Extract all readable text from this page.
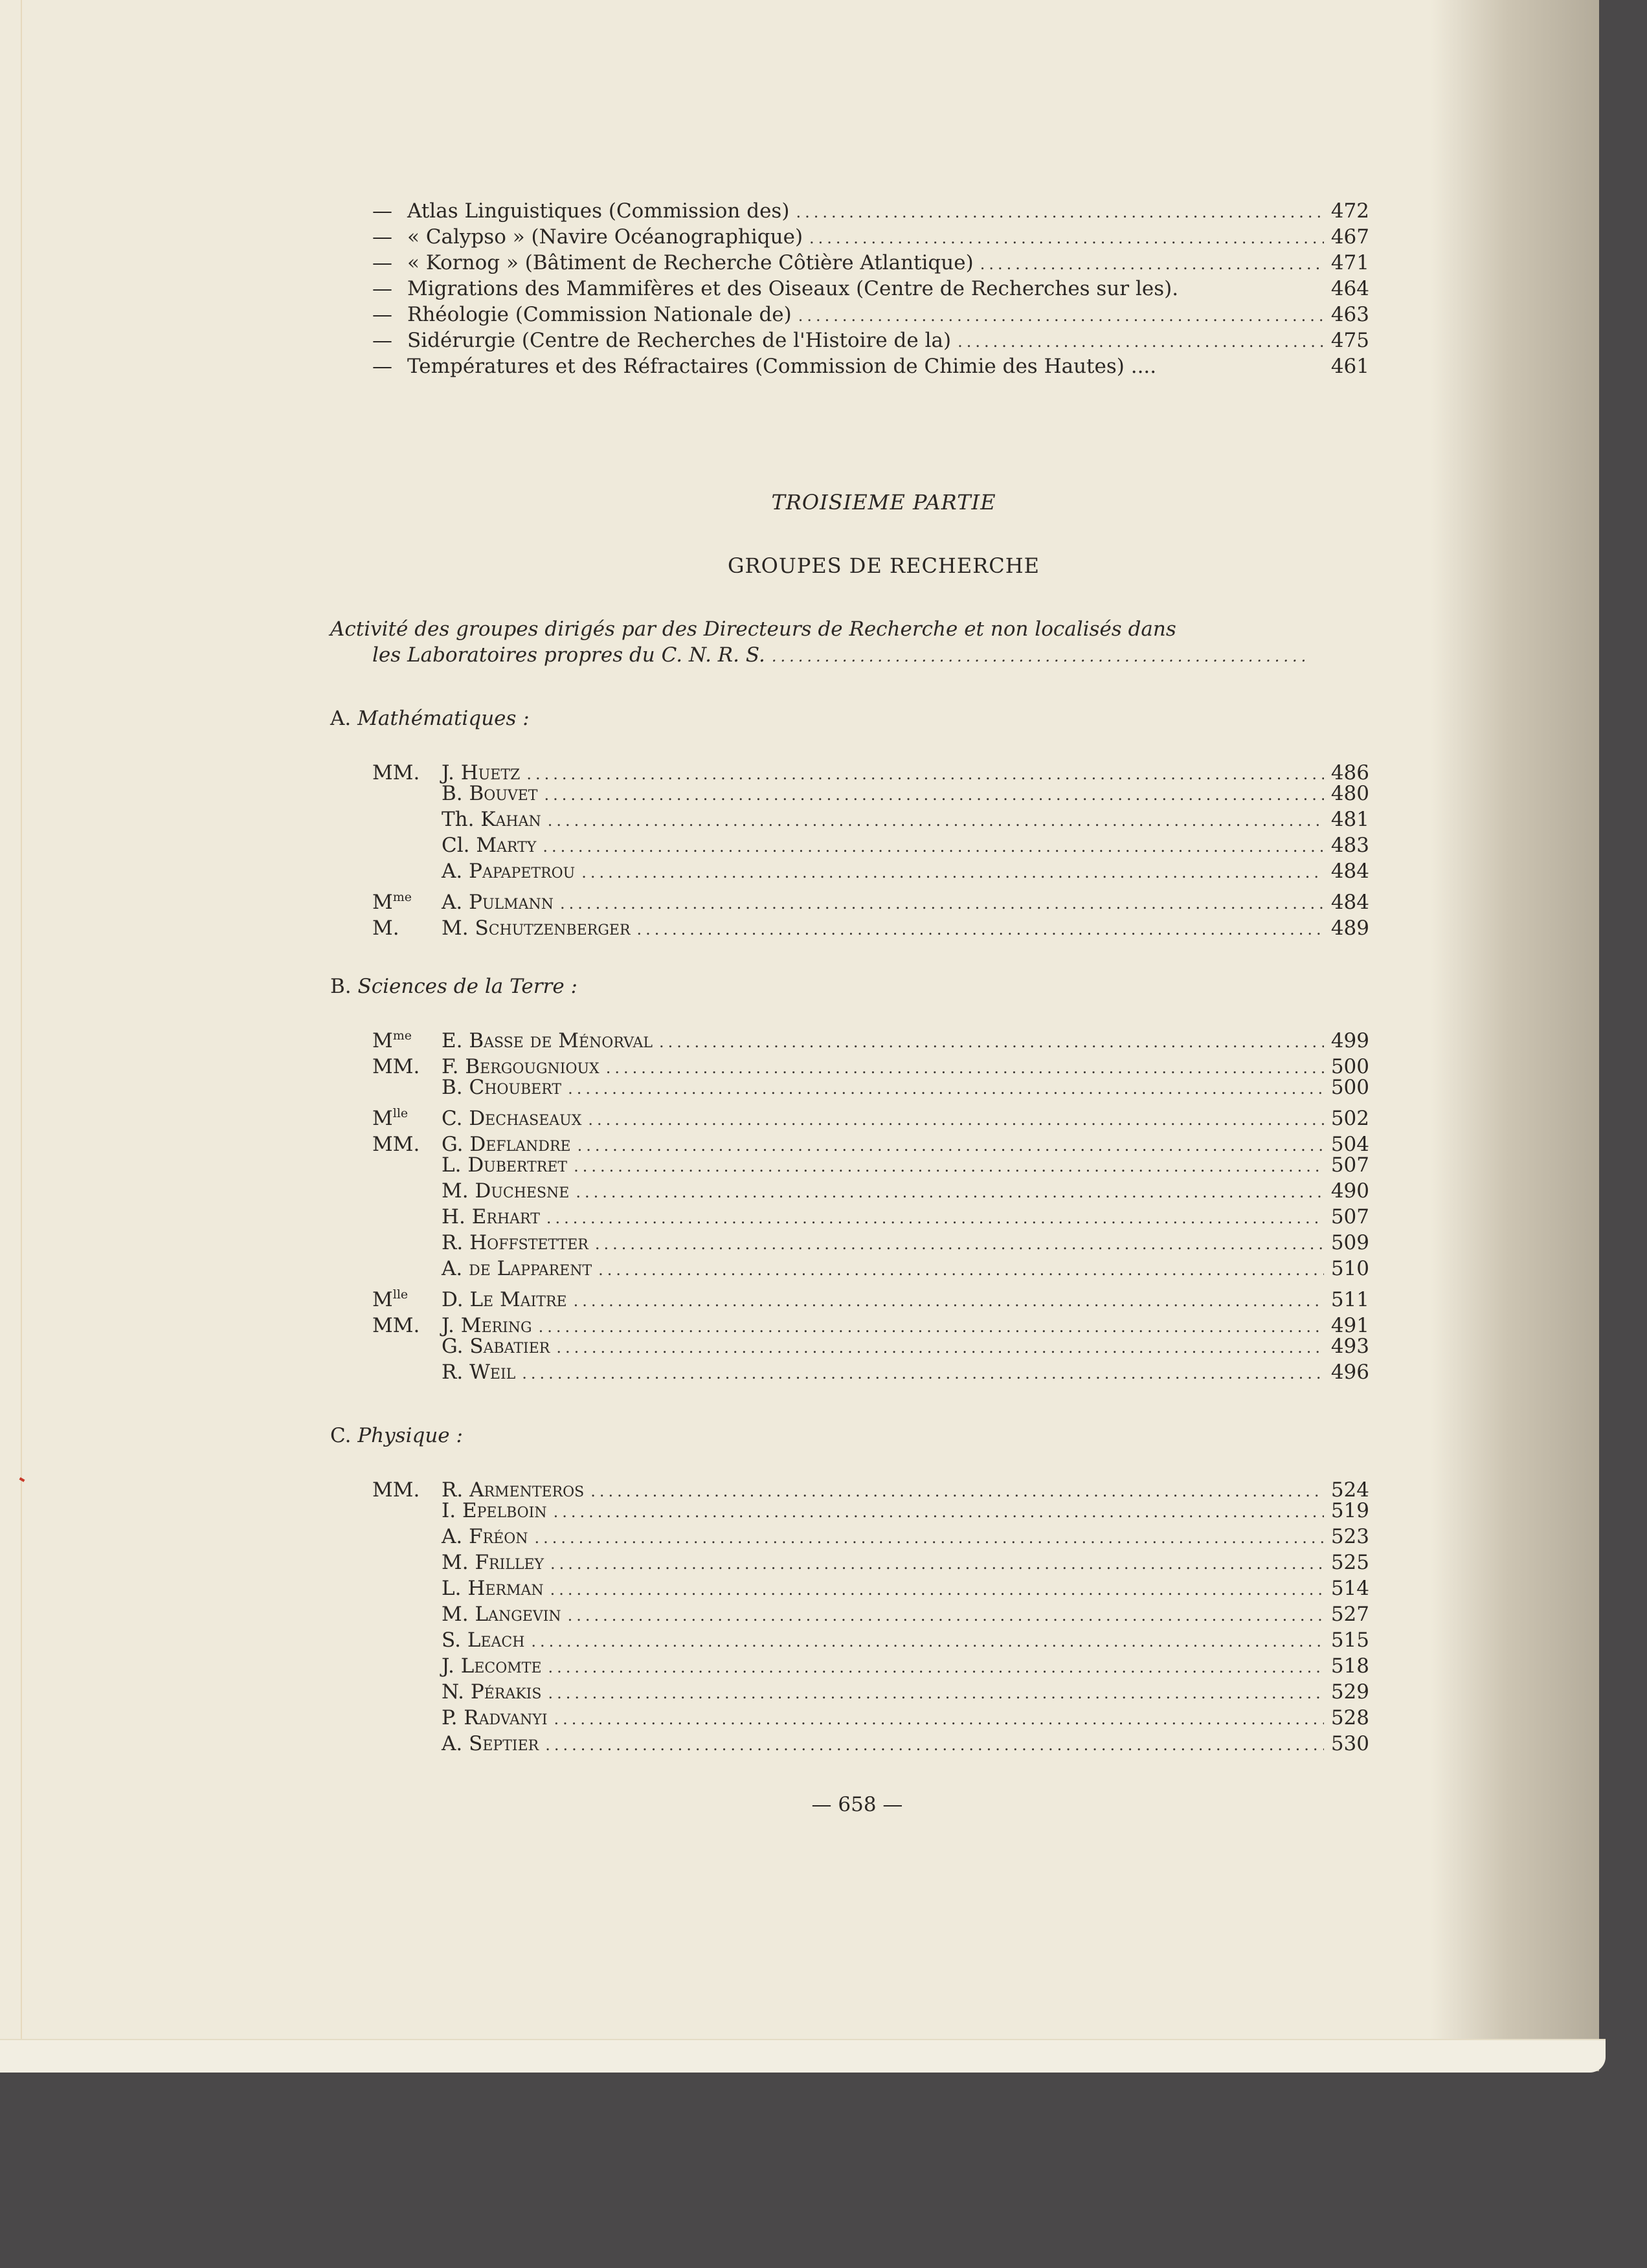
— Atlas Linguistiques (Commission des) .....	472
— « Calypso » (Navire Océanographique) .....	467
— « Kornog » (Bâtiment de Recherche Côtière Atlantique) .....	471
— Migrations des Mammifères et des Oiseaux (Centre de Recherches sur les).	464
— Rhéologie (Commission Nationale de) .....	463
— Sidérurgie (Centre de Recherches de l'Histoire de la) .....	475
— Températures et des Réfractaires (Commission de Chimie des Hautes) ....	461
TROISIEME PARTIE
GROUPES DE RECHERCHE
Activité des groupes dirigés par des Directeurs de Recherche et non localisés dans
les Laboratoires propres du C. N. R. S.
.....
A. Mathématiques :
MM. J. Huetz .....	486
B. Bouvet .....	480
Th. Kahan .....	481
Cl. Marty .....	483
A. Papapetrou .....	484
$M^{me}$ A. Pulmann .....	484
M. M. Schutzenberger .....	489
B. Sciences de la Terre :
$M^{me}$ E. Basse de Ménorval .....	499
MM. F. Bergougnioux .....	500
B. Choubert .....	500
$M^{lle}$ C. Dechaseaux .....	502
MM. G. Deflandre .....	504
L. Dubertret .....	507
M. Duchesne .....	490
H. Erhart .....	507
R. Hoffstetter .....	509
A. de Lapparent .....	510
$M^{lle}$ D. Le Maitre .....	511
MM. J. Mering .....	491
G. Sabatier .....	493
R. Weil .....	496
C. Physique :
MM. R. Armenteros .....	524
I. Epelboin .....	519
A. Fréon .....	523
M. Frilley .....	525
L. Herman .....	514
M. Langevin .....	527
S. Leach .....	515
J. Lecomte .....	518
N. Pérakis .....	529
P. Radvanyi .....	528
A. Septier .....	530
— 658 —
